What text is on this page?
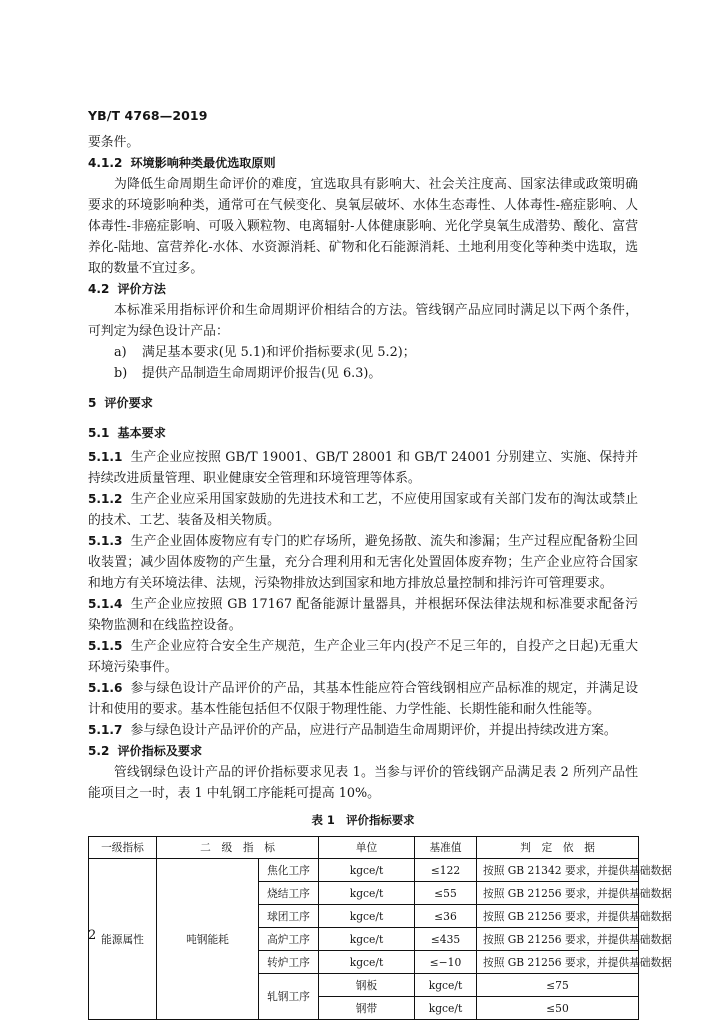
YB/T 4768—2019

要条件。

4.1.2 环境影响种类最优选取原则

为降低生命周期生命评价的难度，宜选取具有影响大、社会关注度高、国家法律或政策明确要求的环境影响种类，通常可在气候变化、臭氧层破坏、水体生态毒性、人体毒性-癌症影响、人体毒性-非癌症影响、可吸入颗粒物、电离辐射-人体健康影响、光化学臭氧生成潜势、酸化、富营养化-陆地、富营养化-水体、水资源消耗、矿物和化石能源消耗、土地利用变化等种类中选取，选取的数量不宜过多。

4.2 评价方法

本标准采用指标评价和生命周期评价相结合的方法。管线钢产品应同时满足以下两个条件，可判定为绿色设计产品：

a) 满足基本要求(见 5.1)和评价指标要求(见 5.2)；
b) 提供产品制造生命周期评价报告(见 6.3)。

5 评价要求

5.1 基本要求

5.1.1 生产企业应按照 GB/T 19001、GB/T 28001 和 GB/T 24001 分别建立、实施、保持并持续改进质量管理、职业健康安全管理和环境管理等体系。

5.1.2 生产企业应采用国家鼓励的先进技术和工艺，不应使用国家或有关部门发布的淘汰或禁止的技术、工艺、装备及相关物质。

5.1.3 生产企业固体废物应有专门的贮存场所，避免扬散、流失和渗漏；生产过程应配备粉尘回收装置；减少固体废物的产生量，充分合理利用和无害化处置固体废弃物；生产企业应符合国家和地方有关环境法律、法规，污染物排放达到国家和地方排放总量控制和排污许可管理要求。

5.1.4 生产企业应按照 GB 17167 配备能源计量器具，并根据环保法律法规和标准要求配备污染物监测和在线监控设备。

5.1.5 生产企业应符合安全生产规范，生产企业三年内(投产不足三年的，自投产之日起)无重大环境污染事件。

5.1.6 参与绿色设计产品评价的产品，其基本性能应符合管线钢相应产品标准的规定，并满足设计和使用的要求。基本性能包括但不仅限于物理性能、力学性能、长期性能和耐久性能等。

5.1.7 参与绿色设计产品评价的产品，应进行产品制造生命周期评价，并提出持续改进方案。

5.2 评价指标及要求

管线钢绿色设计产品的评价指标要求见表 1。当参与评价的管线钢产品满足表 2 所列产品性能项目之一时，表 1 中轧钢工序能耗可提高 10%。

表 1　评价指标要求
一级指标	二　级　指　标		单位	基准值	判　定　依　据	
能源属性	吨钢能耗	焦化工序	kgce/t	≤122	按照 GB 21342 要求，并提供基础数据	
		烧结工序	kgce/t	≤55	按照 GB 21256 要求，并提供基础数据	
		球团工序	kgce/t	≤36	按照 GB 21256 要求，并提供基础数据	
		高炉工序	kgce/t	≤435	按照 GB 21256 要求，并提供基础数据	
		转炉工序	kgce/t	≤−10	按照 GB 21256 要求，并提供基础数据	
		轧钢工序	钢板	kgce/t	≤75	
			钢带	kgce/t	≤50	
2
